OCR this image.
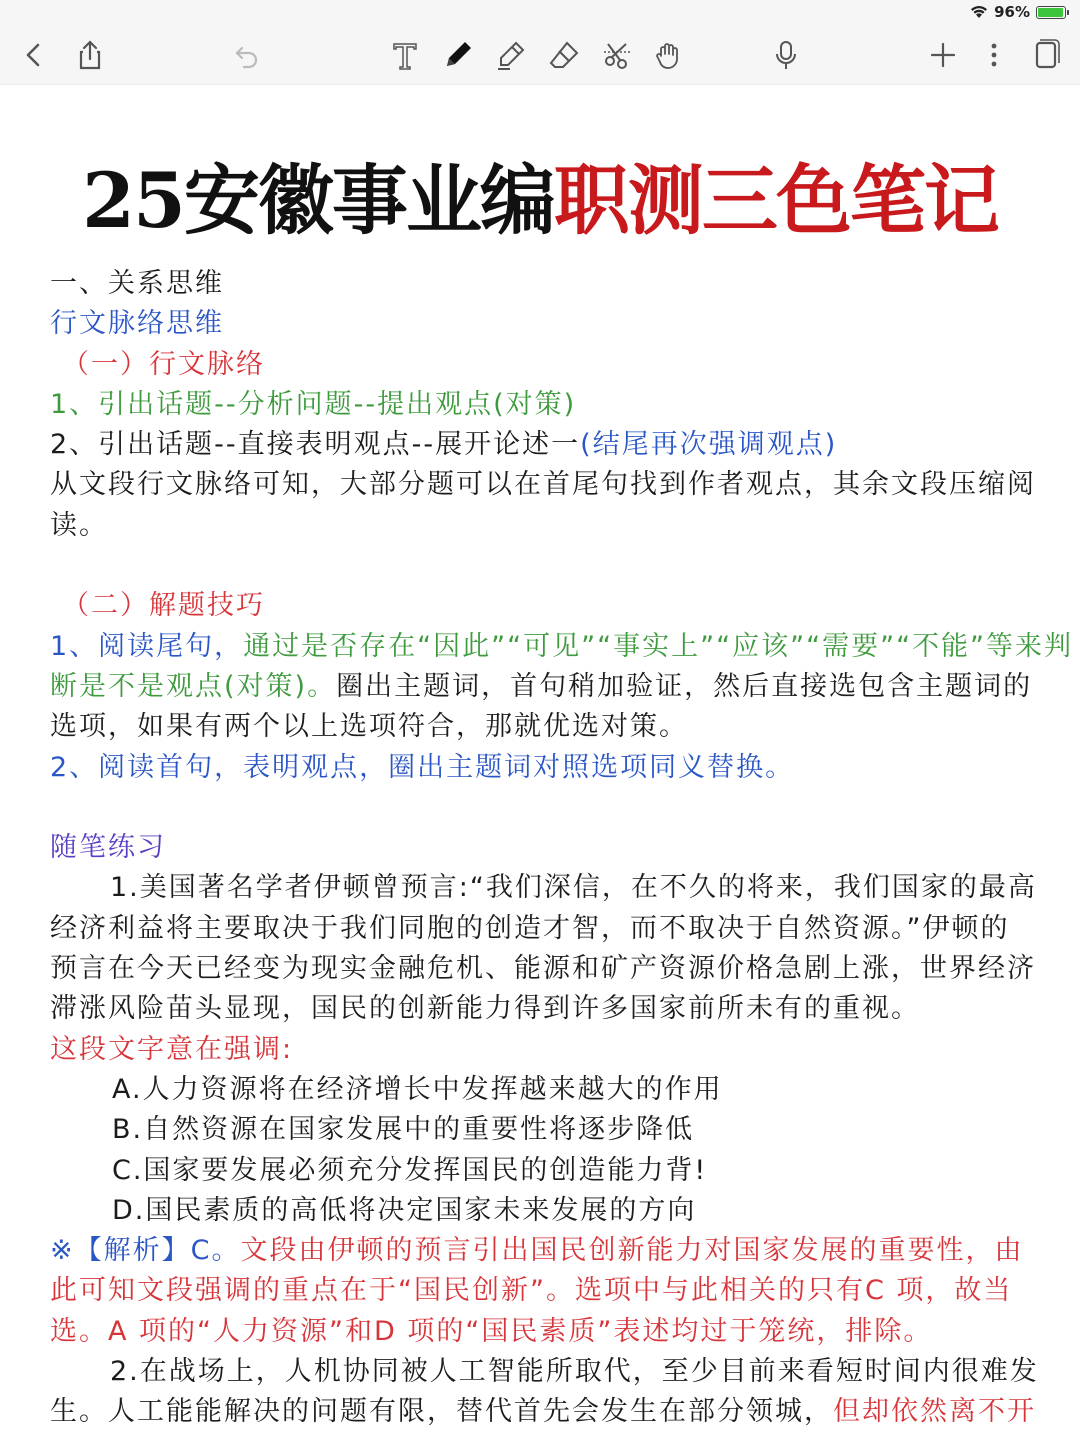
96%
25安徽事业编职测三色笔记
一、关系思维
行文脉络思维
（一）行文脉络
1、引出话题--分析问题--提出观点(对策)
2、引出话题--直接表明观点--展开论述一(结尾再次强调观点)
从文段行文脉络可知，大部分题可以在首尾句找到作者观点，其余文段压缩阅
读。
（二）解题技巧
1、阅读尾句，通过是否存在“因此”“可见”“事实上”“应该”“需要”“不能”等来判
断是不是观点(对策)。圈出主题词，首句稍加验证，然后直接选包含主题词的
选项，如果有两个以上选项符合，那就优选对策。
2、阅读首句，表明观点，圈出主题词对照选项同义替换。
随笔练习
1.美国著名学者伊顿曾预言:“我们深信，在不久的将来，我们国家的最高
经济利益将主要取决于我们同胞的创造才智，而不取决于自然资源。”伊顿的
预言在今天已经变为现实金融危机、能源和矿产资源价格急剧上涨，世界经济
滞涨风险苗头显现，国民的创新能力得到许多国家前所未有的重视。
这段文字意在强调:
A.人力资源将在经济增长中发挥越来越大的作用
B.自然资源在国家发展中的重要性将逐步降低
C.国家要发展必须充分发挥国民的创造能力背!
D.国民素质的高低将决定国家未来发展的方向
※【解析】C。文段由伊顿的预言引出国民创新能力对国家发展的重要性，由
此可知文段强调的重点在于“国民创新”。选项中与此相关的只有C 项，故当
选。A 项的“人力资源”和D 项的“国民素质”表述均过于笼统，排除。
2.在战场上，人机协同被人工智能所取代，至少目前来看短时间内很难发
生。人工能能解决的问题有限，替代首先会发生在部分领城，但却依然离不开
